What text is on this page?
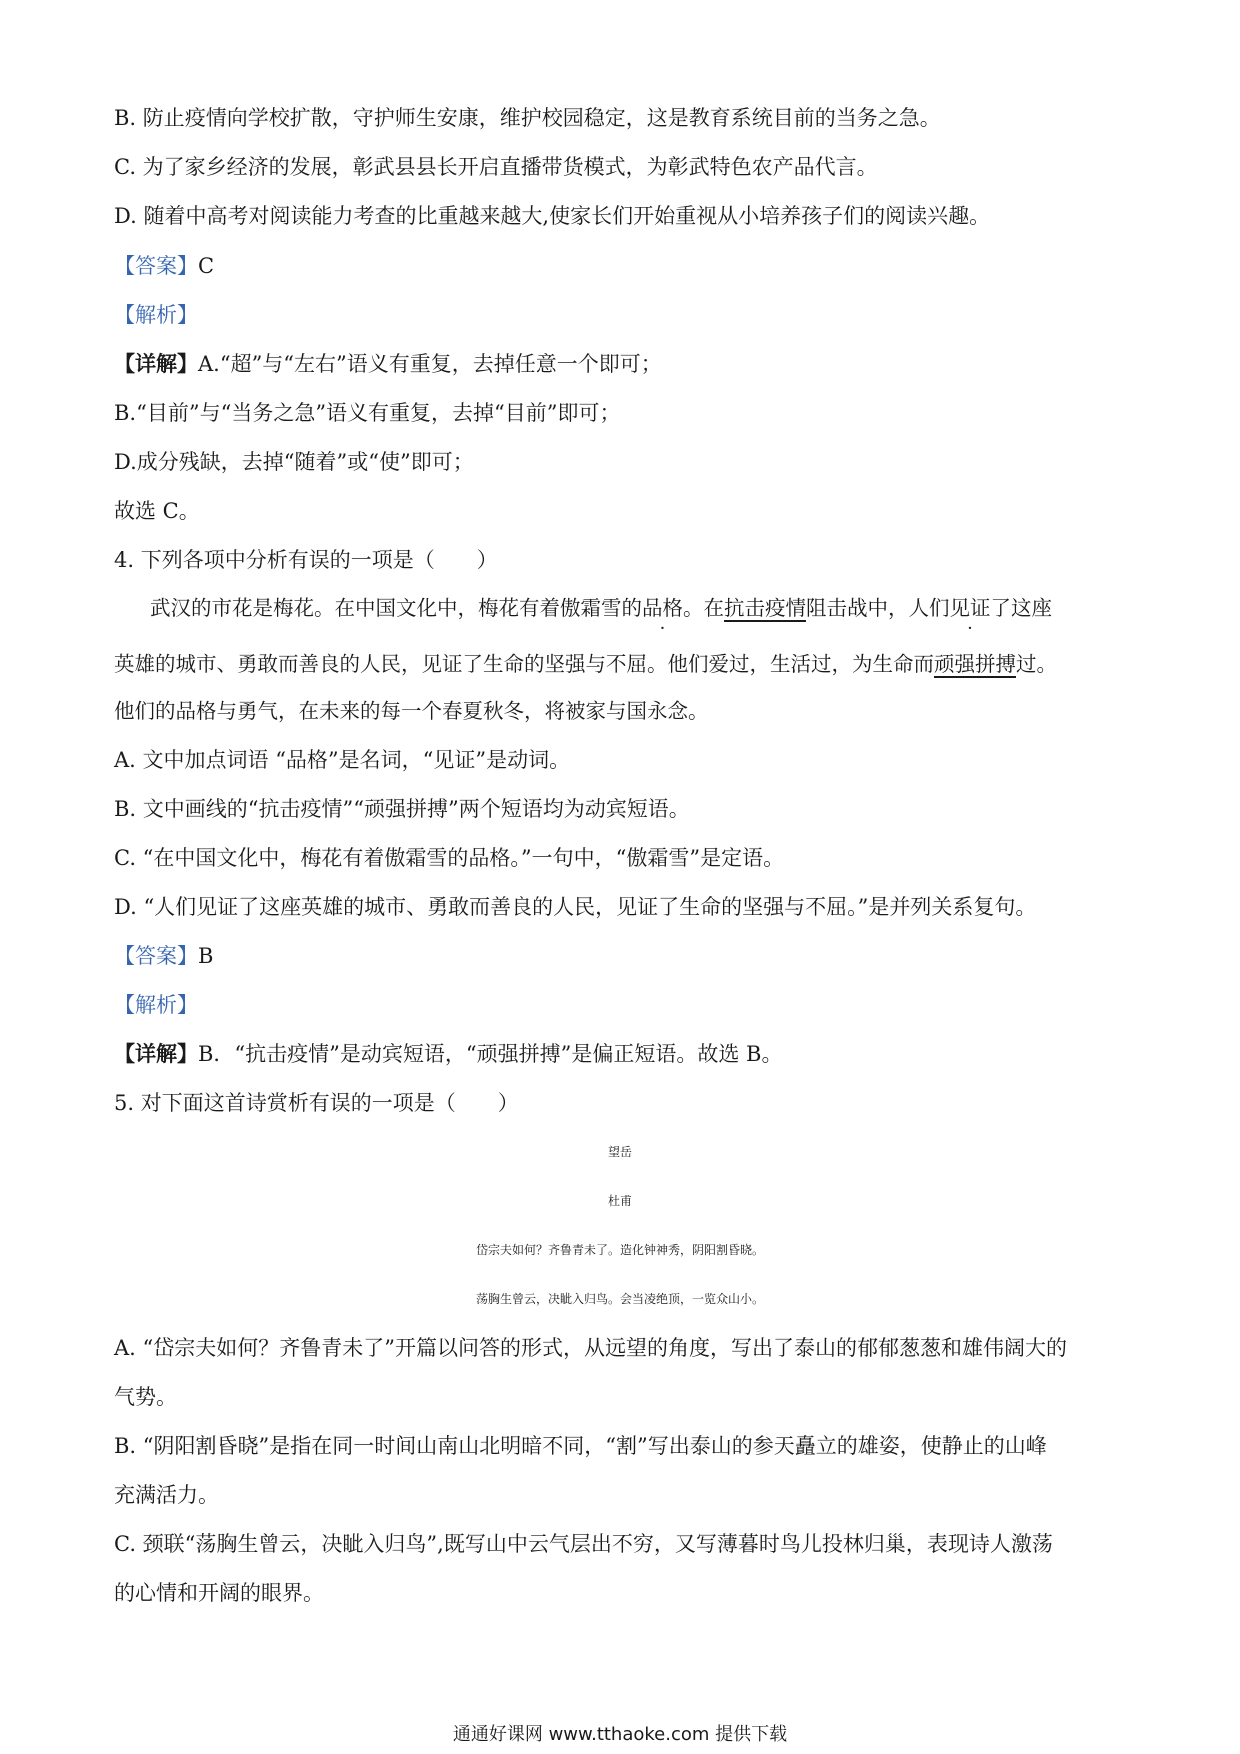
B. 防止疫情向学校扩散，守护师生安康，维护校园稳定，这是教育系统目前的当务之急。
C. 为了家乡经济的发展，彰武县县长开启直播带货模式，为彰武特色农产品代言。
D. 随着中高考对阅读能力考查的比重越来越大,使家长们开始重视从小培养孩子们的阅读兴趣。
【答案】C
【解析】
【详解】A.“超”与“左右”语义有重复，去掉任意一个即可；
B.“目前”与“当务之急”语义有重复，去掉“目前”即可；
D.成分残缺，去掉“随着”或“使”即可；
故选 C。
4. 下列各项中分析有误的一项是（　　）
武汉的市花是梅花。在中国文化中，梅花有着傲霜雪的品格。在抗击疫情阻击战中，人们见证了这座
英雄的城市、勇敢而善良的人民，见证了生命的坚强与不屈。他们爱过，生活过，为生命而顽强拼搏过。
他们的品格与勇气，在未来的每一个春夏秋冬，将被家与国永念。
A. 文中加点词语 “品格”是名词，“见证”是动词。
B. 文中画线的“抗击疫情”“顽强拼搏”两个短语均为动宾短语。
C. “在中国文化中，梅花有着傲霜雪的品格。”一句中，“傲霜雪”是定语。
D. “人们见证了这座英雄的城市、勇敢而善良的人民，见证了生命的坚强与不屈。”是并列关系复句。
【答案】B
【解析】
【详解】B．“抗击疫情”是动宾短语，“顽强拼搏”是偏正短语。故选 B。
5. 对下面这首诗赏析有误的一项是（　　）
望岳
杜甫
岱宗夫如何？齐鲁青未了。造化钟神秀，阴阳割昏晓。
荡胸生曾云，决眦入归鸟。会当凌绝顶，一览众山小。
A. “岱宗夫如何？齐鲁青未了”开篇以问答的形式，从远望的角度，写出了泰山的郁郁葱葱和雄伟阔大的
气势。
B. “阴阳割昏晓”是指在同一时间山南山北明暗不同，“割”写出泰山的参天矗立的雄姿，使静止的山峰
充满活力。
C. 颈联“荡胸生曾云，决眦入归鸟”,既写山中云气层出不穷，又写薄暮时鸟儿投林归巢，表现诗人激荡
的心情和开阔的眼界。
通通好课网 www.tthaoke.com 提供下载
